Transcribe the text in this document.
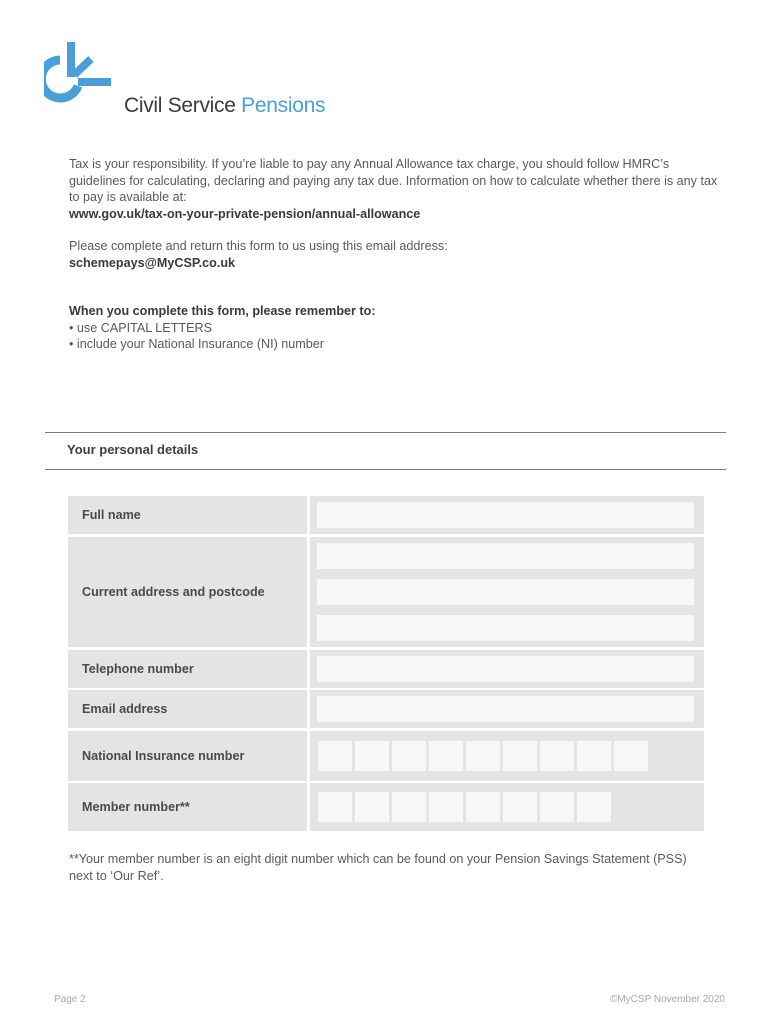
Civil Service Pensions

Tax is your responsibility. If you’re liable to pay any Annual Allowance tax charge, you should follow HMRC’s guidelines for calculating, declaring and paying any tax due. Information on how to calculate whether there is any tax to pay is available at:

www.gov.uk/tax-on-your-private-pension/annual-allowance

Please complete and return this form to us using this email address:

schemepays@MyCSP.co.uk

When you complete this form, please remember to:

• use CAPITAL LETTERS

• include your National Insurance (NI) number

Your personal details
Full name
Current address and postcode
Telephone number
Email address
National Insurance number
Member number**
**Your member number is an eight digit number which can be found on your Pension Savings Statement (PSS) next to ‘Our Ref’.
Page 2	©MyCSP November 2020
